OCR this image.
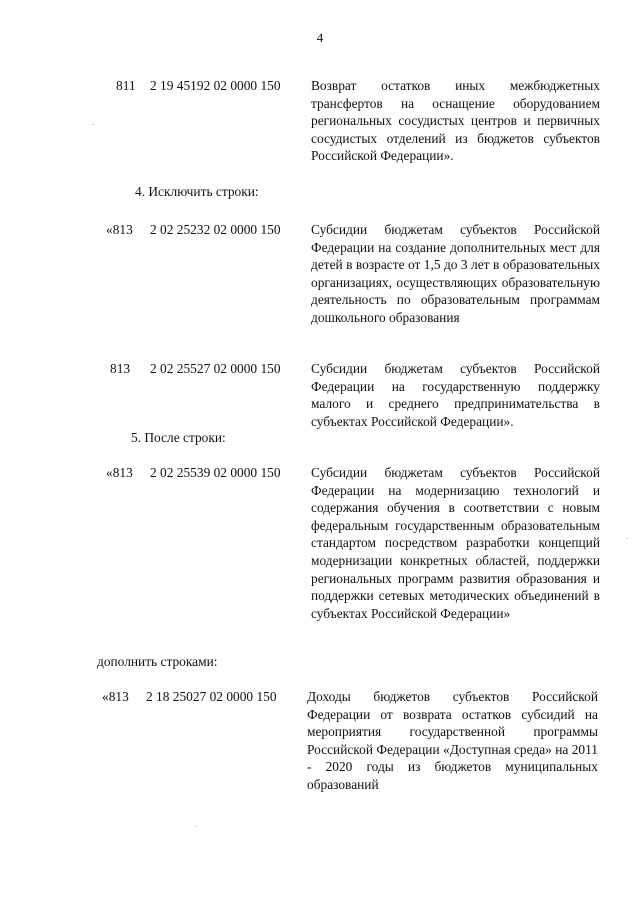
4
811 2 19 45192 02 0000 150 Возврат остатков иных межбюджетных трансфертов на оснащение оборудованием региональных сосудистых центров и первичных сосудистых отделений из бюджетов субъектов Российской Федерации».
4. Исключить строки:
«813 2 02 25232 02 0000 150 Субсидии бюджетам субъектов Российской Федерации на создание дополнительных мест для детей в возрасте от 1,5 до 3 лет в образовательных организациях, осуществляющих образовательную деятельность по образовательным программам дошкольного образования
813 2 02 25527 02 0000 150 Субсидии бюджетам субъектов Российской Федерации на государственную поддержку малого и среднего предпринимательства в субъектах Российской Федерации».
5. После строки:
«813 2 02 25539 02 0000 150 Субсидии бюджетам субъектов Российской Федерации на модернизацию технологий и содержания обучения в соответствии с новым федеральным государственным образовательным стандартом посредством разработки концепций модернизации конкретных областей, поддержки региональных программ развития образования и поддержки сетевых методических объединений в субъектах Российской Федерации»
дополнить строками:
«813 2 18 25027 02 0000 150 Доходы бюджетов субъектов Российской Федерации от возврата остатков субсидий на мероприятия государственной программы Российской Федерации «Доступная среда» на 2011 - 2020 годы из бюджетов муниципальных образований
